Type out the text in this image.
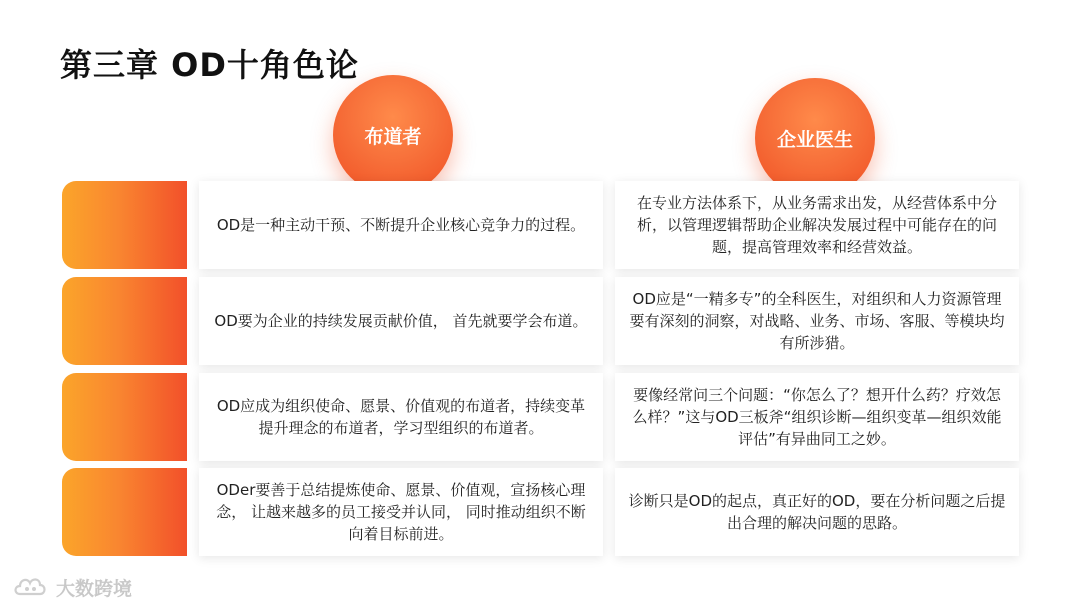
第三章 OD十角色论
布道者	企业医生
OD是一种主动干预、不断提升企业核心竞争力的过程。
在专业方法体系下，从业务需求出发，从经营体系中分析，以管理逻辑帮助企业解决发展过程中可能存在的问题，提高管理效率和经营效益。
OD要为企业的持续发展贡献价值， 首先就要学会布道。
OD应是“一精多专”的全科医生，对组织和人力资源管理要有深刻的洞察，对战略、业务、市场、客服、等模块均有所涉猎。
OD应成为组织使命、愿景、价值观的布道者，持续变革提升理念的布道者，学习型组织的布道者。
要像经常问三个问题：“你怎么了？想开什么药？疗效怎么样？”这与OD三板斧“组织诊断—组织变革—组织效能评估”有异曲同工之妙。
ODer要善于总结提炼使命、愿景、价值观，宣扬核心理念， 让越来越多的员工接受并认同， 同时推动组织不断向着目标前进。
诊断只是OD的起点，真正好的OD，要在分析问题之后提出合理的解决问题的思路。
大数跨境
